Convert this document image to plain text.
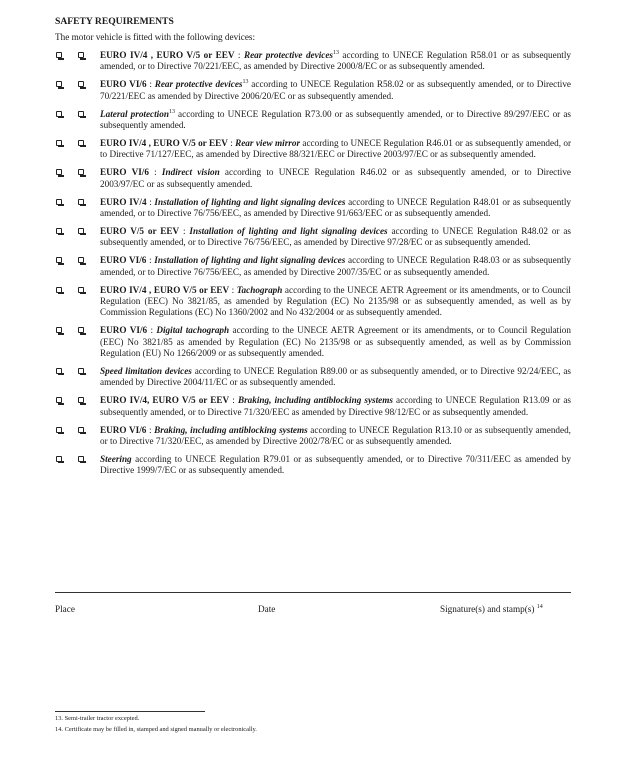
SAFETY REQUIREMENTS
The motor vehicle is fitted with the following devices:
EURO IV/4 , EURO V/5 or EEV : Rear protective devices$^{13}$ according to UNECE Regulation R58.01 or as subsequently amended, or to Directive 70/221/EEC, as amended by Directive 2000/8/EC or as subsequently amended.
EURO VI/6 : Rear protective devices$^{13}$ according to UNECE Regulation R58.02 or as subsequently amended, or to Directive 70/221/EEC as amended by Directive 2006/20/EC or as subsequently amended.
Lateral protection$^{13}$ according to UNECE Regulation R73.00 or as subsequently amended, or to Directive 89/297/EEC or as subsequently amended.
EURO IV/4 , EURO V/5 or EEV : Rear view mirror according to UNECE Regulation R46.01 or as subsequently amended, or to Directive 71/127/EEC, as amended by Directive 88/321/EEC or Directive 2003/97/EC or as subsequently amended.
EURO VI/6 : Indirect vision according to UNECE Regulation R46.02 or as subsequently amended, or to Directive 2003/97/EC or as subsequently amended.
EURO IV/4 : Installation of lighting and light signaling devices according to UNECE Regulation R48.01 or as subsequently amended, or to Directive 76/756/EEC, as amended by Directive 91/663/EEC or as subsequently amended.
EURO V/5 or EEV : Installation of lighting and light signaling devices according to UNECE Regulation R48.02 or as subsequently amended, or to Directive 76/756/EEC, as amended by Directive 97/28/EC or as subsequently amended.
EURO VI/6 : Installation of lighting and light signaling devices according to UNECE Regulation R48.03 or as subsequently amended, or to Directive 76/756/EEC, as amended by Directive 2007/35/EC or as subsequently amended.
EURO IV/4 , EURO V/5 or EEV : Tachograph according to the UNECE AETR Agreement or its amendments, or to Council Regulation (EEC) No 3821/85, as amended by Regulation (EC) No 2135/98 or as subsequently amended, as well as by Commission Regulations (EC) No 1360/2002 and No 432/2004 or as subsequently amended.
EURO VI/6 : Digital tachograph according to the UNECE AETR Agreement or its amendments, or to Council Regulation (EEC) No 3821/85 as amended by Regulation (EC) No 2135/98 or as subsequently amended, as well as by Commission Regulation (EU) No 1266/2009 or as subsequently amended.
Speed limitation devices according to UNECE Regulation R89.00 or as subsequently amended, or to Directive 92/24/EEC, as amended by Directive 2004/11/EC or as subsequently amended.
EURO IV/4, EURO V/5 or EEV : Braking, including antiblocking systems according to UNECE Regulation R13.09 or as subsequently amended, or to Directive 71/320/EEC as amended by Directive 98/12/EC or as subsequently amended.
EURO VI/6 : Braking, including antiblocking systems according to UNECE Regulation R13.10 or as subsequently amended, or to Directive 71/320/EEC, as amended by Directive 2002/78/EC or as subsequently amended.
Steering according to UNECE Regulation R79.01 or as subsequently amended, or to Directive 70/311/EEC as amended by Directive 1999/7/EC or as subsequently amended.
Place	Date	Signature(s) and stamp(s) $^{14}$
13. Semi-trailer tractor excepted.
14. Certificate may be filled in, stamped and signed manually or electronically.
